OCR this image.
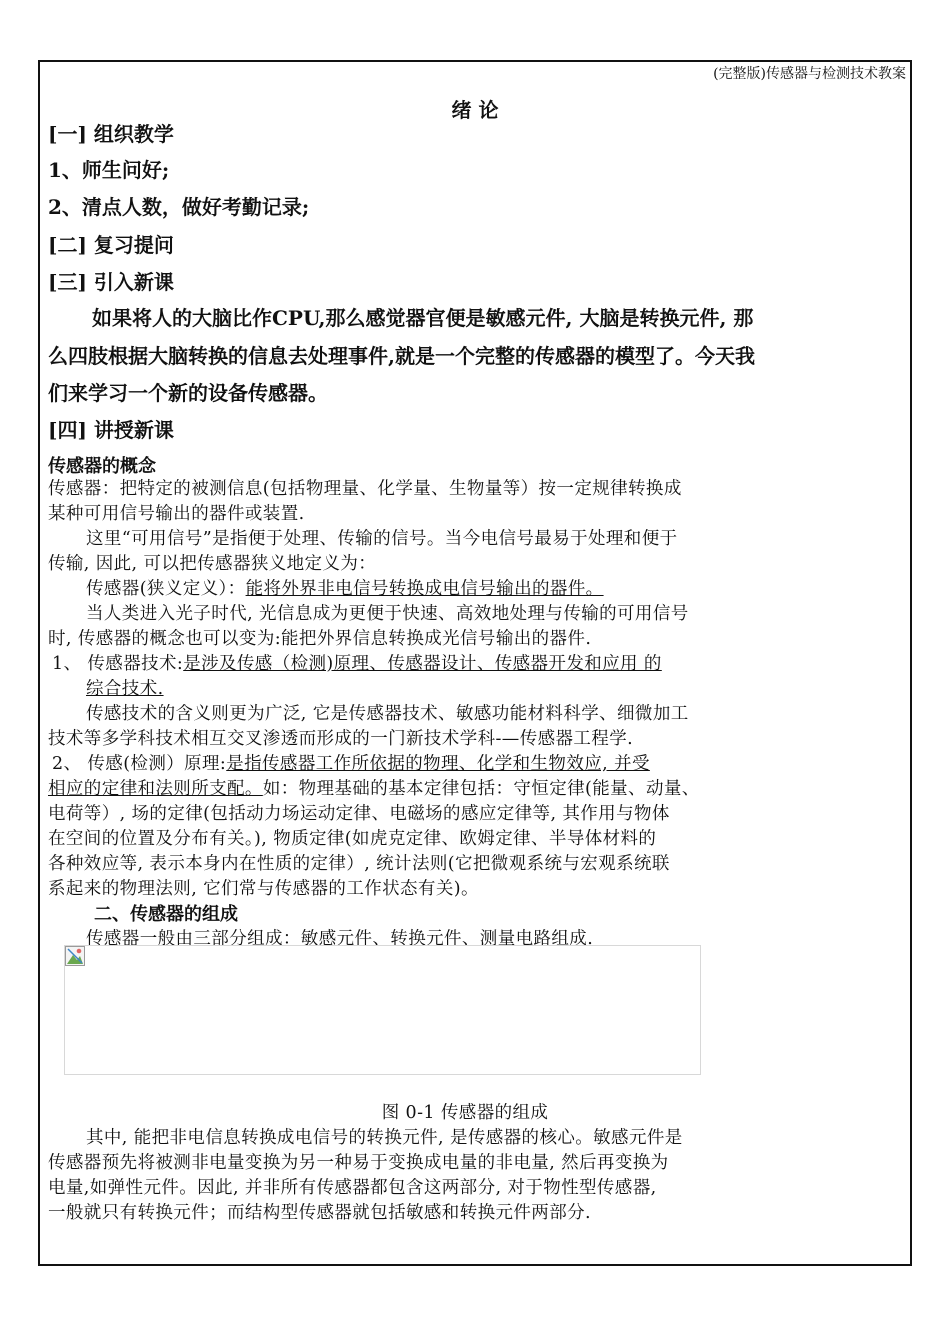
(完整版)传感器与检测技术教案
绪 论
[一] 组织教学
1、师生问好;
2、清点人数，做好考勤记录;
[二] 复习提问
[三] 引入新课
如果将人的大脑比作CPU,那么感觉器官便是敏感元件, 大脑是转换元件, 那
么四肢根据大脑转换的信息去处理事件,就是一个完整的传感器的模型了。今天我
们来学习一个新的设备传感器。
[四] 讲授新课
传感器的概念
传感器：把特定的被测信息(包括物理量、化学量、生物量等）按一定规律转换成
某种可用信号输出的器件或装置.
这里“可用信号”是指便于处理、传输的信号。当今电信号最易于处理和便于
传输, 因此, 可以把传感器狭义地定义为：
传感器(狭义定义）：能将外界非电信号转换成电信号输出的器件。
当人类进入光子时代, 光信息成为更便于快速、高效地处理与传输的可用信号
时, 传感器的概念也可以变为:能把外界信息转换成光信号输出的器件.
1、 传感器技术:是涉及传感（检测)原理、传感器设计、传感器开发和应用 的
综合技术.
传感技术的含义则更为广泛, 它是传感器技术、敏感功能材料科学、细微加工
技术等多学科技术相互交叉渗透而形成的一门新技术学科-—传感器工程学.
2、 传感(检测）原理:是指传感器工作所依据的物理、化学和生物效应, 并受
相应的定律和法则所支配。如：物理基础的基本定律包括：守恒定律(能量、动量、
电荷等）, 场的定律(包括动力场运动定律、电磁场的感应定律等, 其作用与物体
在空间的位置及分布有关。), 物质定律(如虎克定律、欧姆定律、半导体材料的
各种效应等, 表示本身内在性质的定律）, 统计法则(它把微观系统与宏观系统联
系起来的物理法则, 它们常与传感器的工作状态有关)。
二、传感器的组成
传感器一般由三部分组成：敏感元件、转换元件、测量电路组成.
图 0-1 传感器的组成
其中, 能把非电信息转换成电信号的转换元件, 是传感器的核心。敏感元件是
传感器预先将被测非电量变换为另一种易于变换成电量的非电量, 然后再变换为
电量,如弹性元件。因此, 并非所有传感器都包含这两部分, 对于物性型传感器,
一般就只有转换元件；而结构型传感器就包括敏感和转换元件两部分.
